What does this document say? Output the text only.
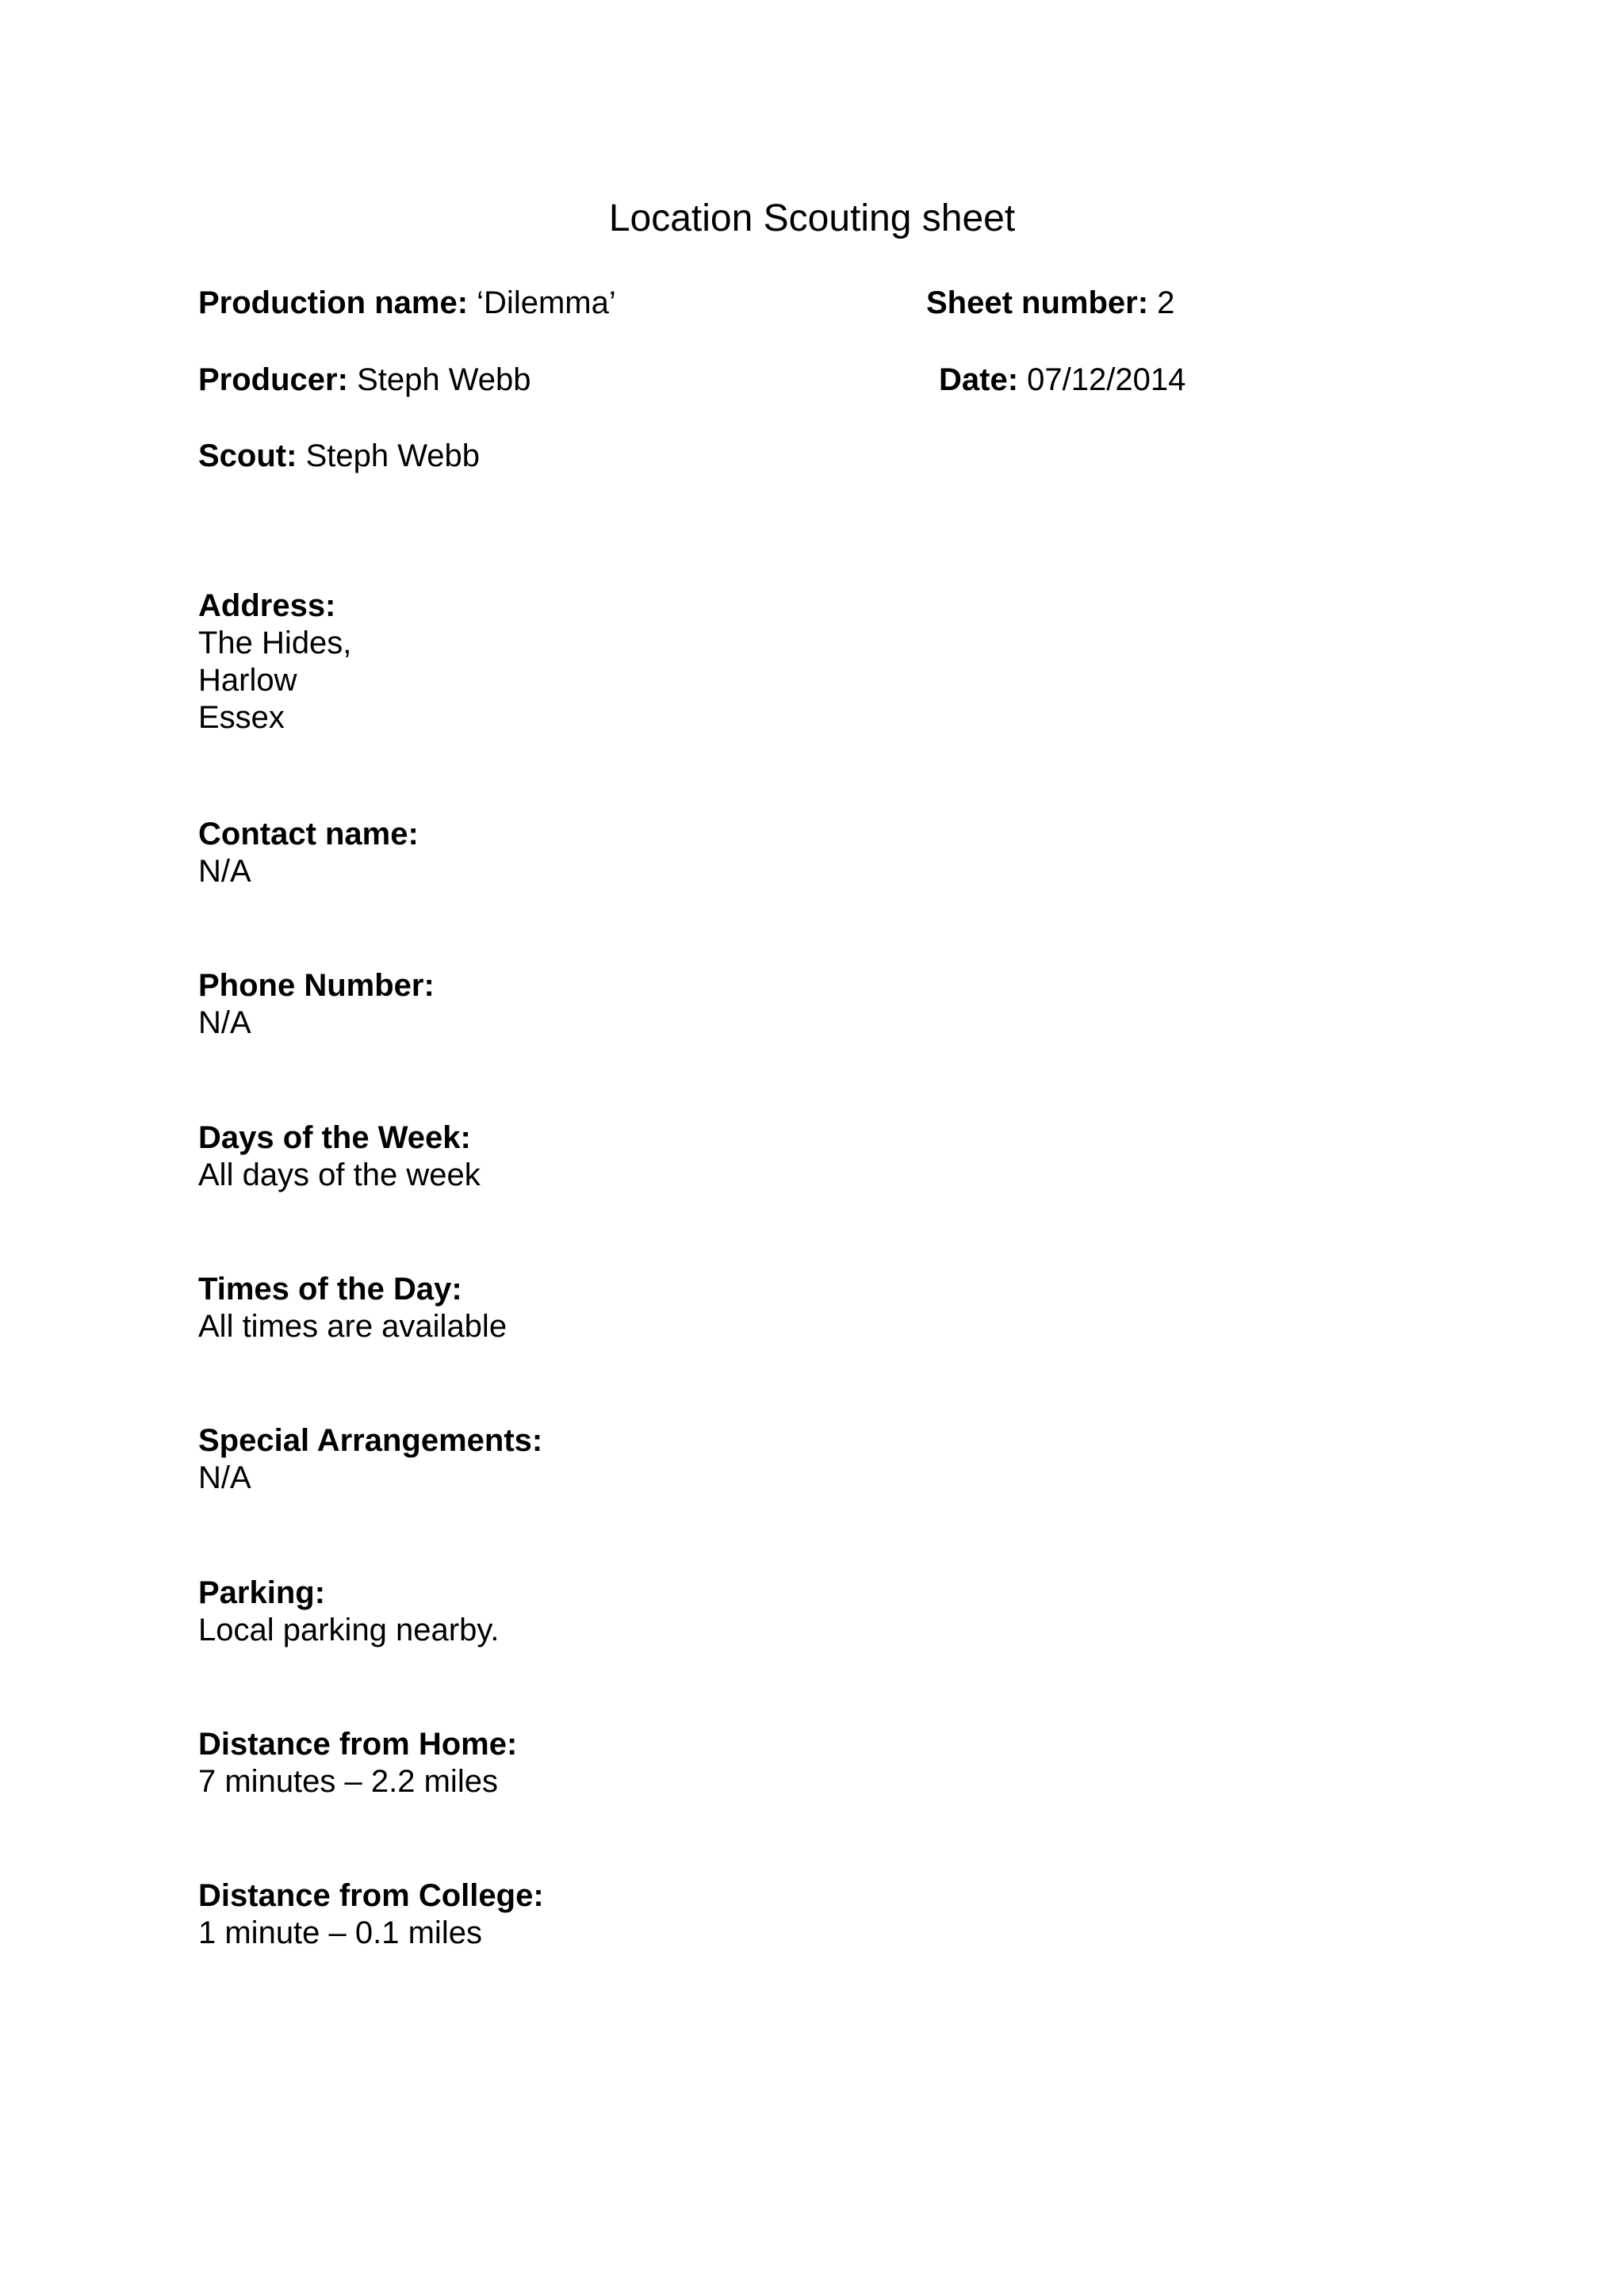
Location Scouting sheet
Production name: ‘Dilemma’	Sheet number: 2
Producer: Steph Webb	Date: 07/12/2014
Scout: Steph Webb
Address:
The Hides,
Harlow
Essex
Contact name:
N/A
Phone Number:
N/A
Days of the Week:
All days of the week
Times of the Day:
All times are available
Special Arrangements:
N/A
Parking:
Local parking nearby.
Distance from Home:
7 minutes – 2.2 miles
Distance from College:
1 minute – 0.1 miles
